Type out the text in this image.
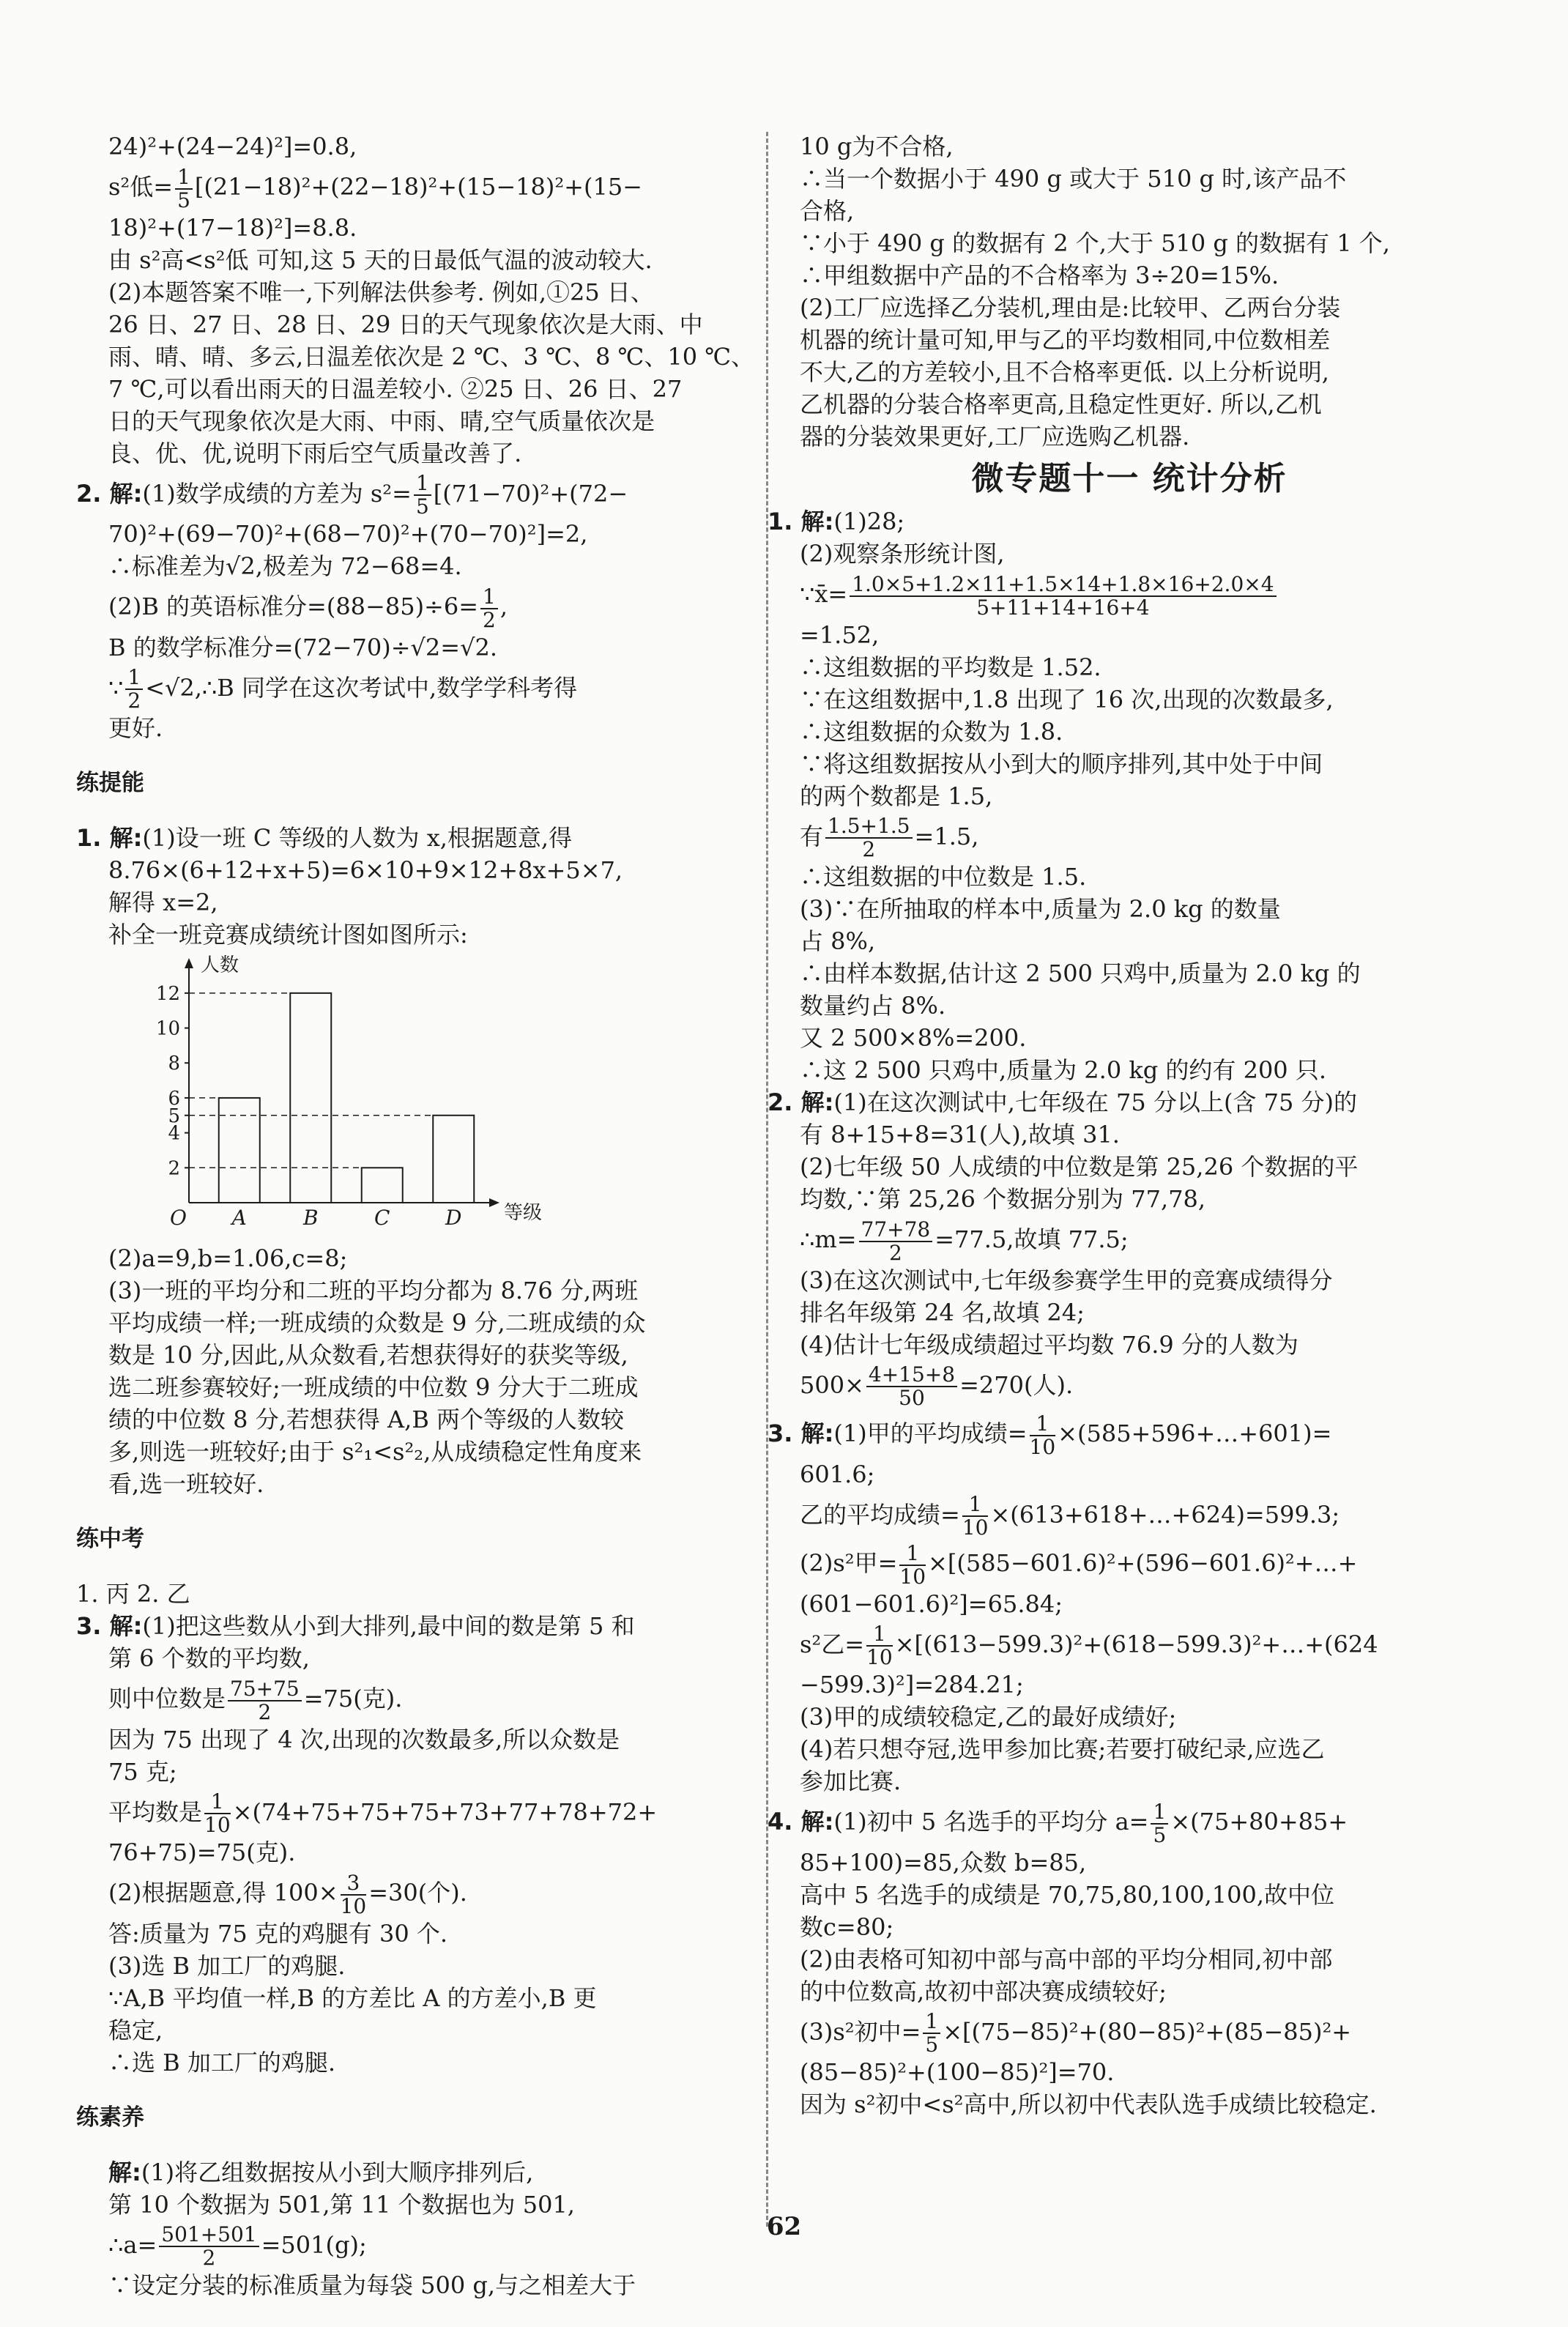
24)²+(24−24)²]=0.8,

s²低= $\frac{1}{5} [(21-18)^2+(22-18)^2+(15-18)^2+(15-$

18)²+(17−18)²]=8.8.

由 s²高<s²低 可知,这 5 天的日最低气温的波动较大.

(2)本题答案不唯一,下列解法供参考. 例如,①25 日、

26 日、27 日、28 日、29 日的天气现象依次是大雨、中

雨、晴、晴、多云,日温差依次是 2 ℃、3 ℃、8 ℃、10 ℃、

7 ℃,可以看出雨天的日温差较小. ②25 日、26 日、27

日的天气现象依次是大雨、中雨、晴,空气质量依次是

良、优、优,说明下雨后空气质量改善了.

2. 解:(1)数学成绩的方差为 $s^2= \frac{1}{5} [(71-70)^2+(72-$

70)²+(69−70)²+(68−70)²+(70−70)²]=2,

∴标准差为√2,极差为 72−68=4.

(2)B 的英语标准分$=(88-85)\div 6= \frac{1}{2}$ ,

B 的数学标准分=(72−70)÷√2=√2.

∵ $\frac{1}{2}$ <√2,∴B 同学在这次考试中,数学学科考得

更好.

练提能

1. 解:(1)设一班 C 等级的人数为 x,根据题意,得

8.76×(6+12+x+5)=6×10+9×12+8x+5×7,

解得 x=2,

补全一班竞赛成绩统计图如图所示:

人数
等级
O
2
4
5
6
8
10
12
A	B	C	D

(2)a=9,b=1.06,c=8;

(3)一班的平均分和二班的平均分都为 8.76 分,两班

平均成绩一样;一班成绩的众数是 9 分,二班成绩的众

数是 10 分,因此,从众数看,若想获得好的获奖等级,

选二班参赛较好;一班成绩的中位数 9 分大于二班成

绩的中位数 8 分,若想获得 A,B 两个等级的人数较

多,则选一班较好;由于 s²₁<s²₂,从成绩稳定性角度来

看,选一班较好.

练中考

1. 丙 2. 乙

3. 解:(1)把这些数从小到大排列,最中间的数是第 5 和

第 6 个数的平均数,

则中位数是 $\frac{75+75}{2} =75$(克).

因为 75 出现了 4 次,出现的次数最多,所以众数是

75 克;

平均数是 $\frac{1}{10} \times(74+75+75+75+73+77+78+72+$

76+75)=75(克).

(2)根据题意,得 $100\times \frac{3}{10} =30$(个).

答:质量为 75 克的鸡腿有 30 个.

(3)选 B 加工厂的鸡腿.

∵A,B 平均值一样,B 的方差比 A 的方差小,B 更

稳定,

∴选 B 加工厂的鸡腿.

练素养

解:(1)将乙组数据按从小到大顺序排列后,

第 10 个数据为 501,第 11 个数据也为 501,

∴a= $\frac{501+501}{2} =501(g)$;

∵设定分装的标准质量为每袋 500 g,与之相差大于

10 g为不合格,

∴当一个数据小于 490 g 或大于 510 g 时,该产品不

合格,

∵小于 490 g 的数据有 2 个,大于 510 g 的数据有 1 个,

∴甲组数据中产品的不合格率为 3÷20=15%.

(2)工厂应选择乙分装机,理由是:比较甲、乙两台分装

机器的统计量可知,甲与乙的平均数相同,中位数相差

不大,乙的方差较小,且不合格率更低. 以上分析说明,

乙机器的分装合格率更高,且稳定性更好. 所以,乙机

器的分装效果更好,工厂应选购乙机器.

微专题十一 统计分析

1. 解:(1)28;

(2)观察条形统计图,

∵x̄= $\frac{1.0\times 5+1.2\times 11+1.5\times 14+1.8\times 16+2.0\times 4}{5+11+14+16+4}$

=1.52,

∴这组数据的平均数是 1.52.

∵在这组数据中,1.8 出现了 16 次,出现的次数最多,

∴这组数据的众数为 1.8.

∵将这组数据按从小到大的顺序排列,其中处于中间

的两个数都是 1.5,

有 $\frac{1.5+1.5}{2} =1.5$,

∴这组数据的中位数是 1.5.

(3)∵在所抽取的样本中,质量为 2.0 kg 的数量

占 8%,

∴由样本数据,估计这 2 500 只鸡中,质量为 2.0 kg 的

数量约占 8%.

又 2 500×8%=200.

∴这 2 500 只鸡中,质量为 2.0 kg 的约有 200 只.

2. 解:(1)在这次测试中,七年级在 75 分以上(含 75 分)的

有 8+15+8=31(人),故填 31.

(2)七年级 50 人成绩的中位数是第 25,26 个数据的平

均数,∵第 25,26 个数据分别为 77,78,

∴m= $\frac{77+78}{2} =77.5$,故填 77.5;

(3)在这次测试中,七年级参赛学生甲的竞赛成绩得分

排名年级第 24 名,故填 24;

(4)估计七年级成绩超过平均数 76.9 分的人数为

$500\times \frac{4+15+8}{50} =270$(人).

3. 解:(1)甲的平均成绩= $\frac{1}{10}$ ×(585+596+…+601)=

601.6;

乙的平均成绩= $\frac{1}{10}$ ×(613+618+…+624)=599.3;

(2)s²甲= $\frac{1}{10}$ ×[(585−601.6)²+(596−601.6)²+…+

(601−601.6)²]=65.84;

s²乙= $\frac{1}{10}$ ×[(613−599.3)²+(618−599.3)²+…+(624

−599.3)²]=284.21;

(3)甲的成绩较稳定,乙的最好成绩好;

(4)若只想夺冠,选甲参加比赛;若要打破纪录,应选乙

参加比赛.

4. 解:(1)初中 5 名选手的平均分 $a= \frac{1}{5} \times(75+80+85+$

85+100)=85,众数 b=85,

高中 5 名选手的成绩是 70,75,80,100,100,故中位

数c=80;

(2)由表格可知初中部与高中部的平均分相同,初中部

的中位数高,故初中部决赛成绩较好;

(3)s²初中= $\frac{1}{5} \times[(75-85)^2+(80-85)^2+(85-85)^2+$

(85−85)²+(100−85)²]=70.

因为 s²初中<s²高中,所以初中代表队选手成绩比较稳定.

62
